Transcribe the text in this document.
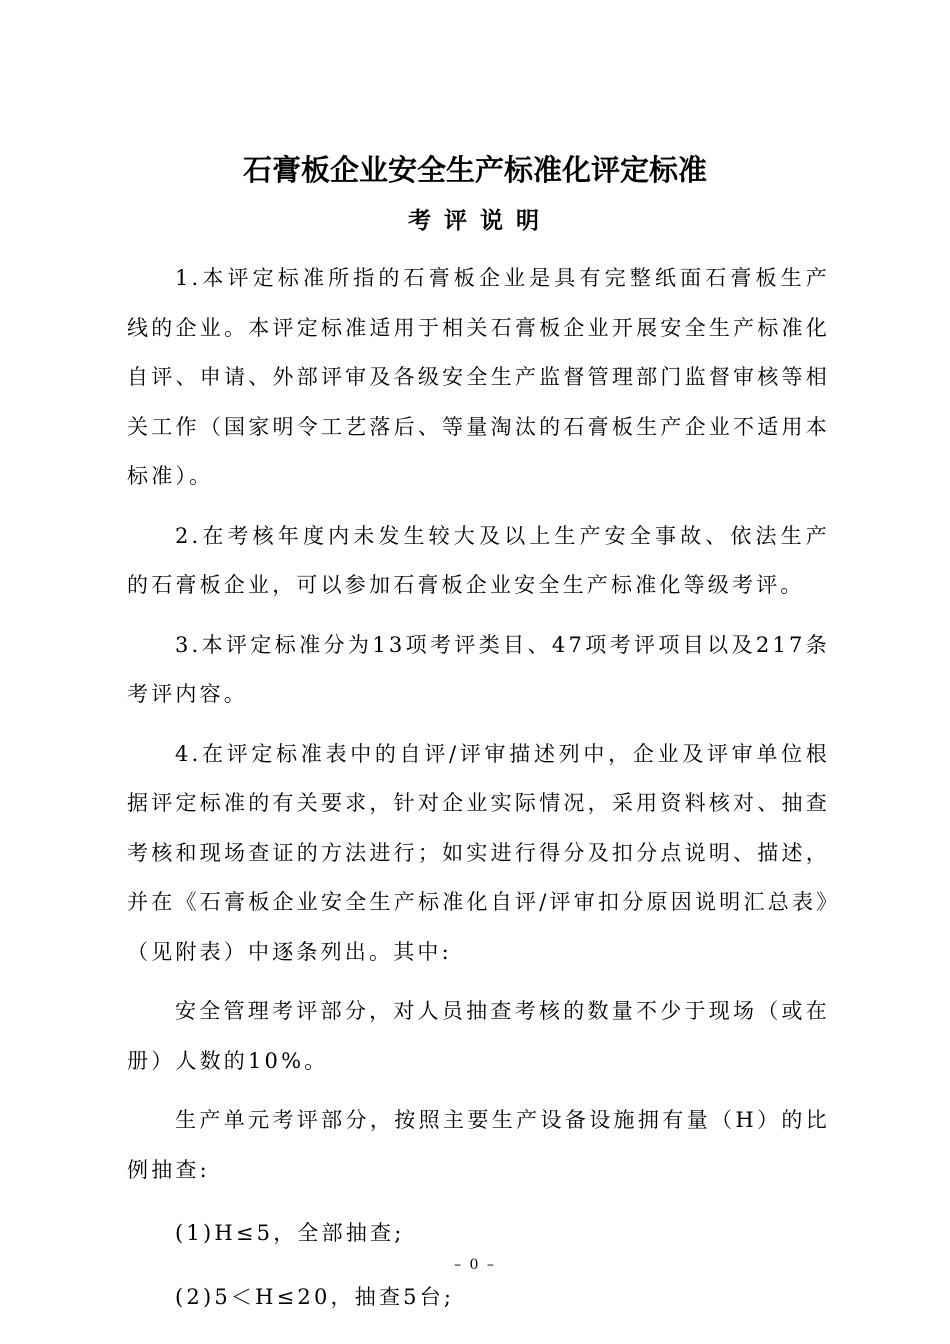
石膏板企业安全生产标准化评定标准
考评说明

1.本评定标准所指的石膏板企业是具有完整纸面石膏板生产线的企业。本评定标准适用于相关石膏板企业开展安全生产标准化自评、申请、外部评审及各级安全生产监督管理部门监督审核等相关工作（国家明令工艺落后、等量淘汰的石膏板生产企业不适用本标准）。

2.在考核年度内未发生较大及以上生产安全事故、依法生产的石膏板企业，可以参加石膏板企业安全生产标准化等级考评。

3.本评定标准分为13项考评类目、47项考评项目以及217条考评内容。

4.在评定标准表中的自评/评审描述列中，企业及评审单位根据评定标准的有关要求，针对企业实际情况，采用资料核对、抽查考核和现场查证的方法进行；如实进行得分及扣分点说明、描述，并在《石膏板企业安全生产标准化自评/评审扣分原因说明汇总表》（见附表）中逐条列出。其中:

安全管理考评部分，对人员抽查考核的数量不少于现场（或在册）人数的10%。

生产单元考评部分，按照主要生产设备设施拥有量（H）的比例抽查:

(1)H≤5，全部抽查;

(2)5＜H≤20，抽查5台;

– 0 –
